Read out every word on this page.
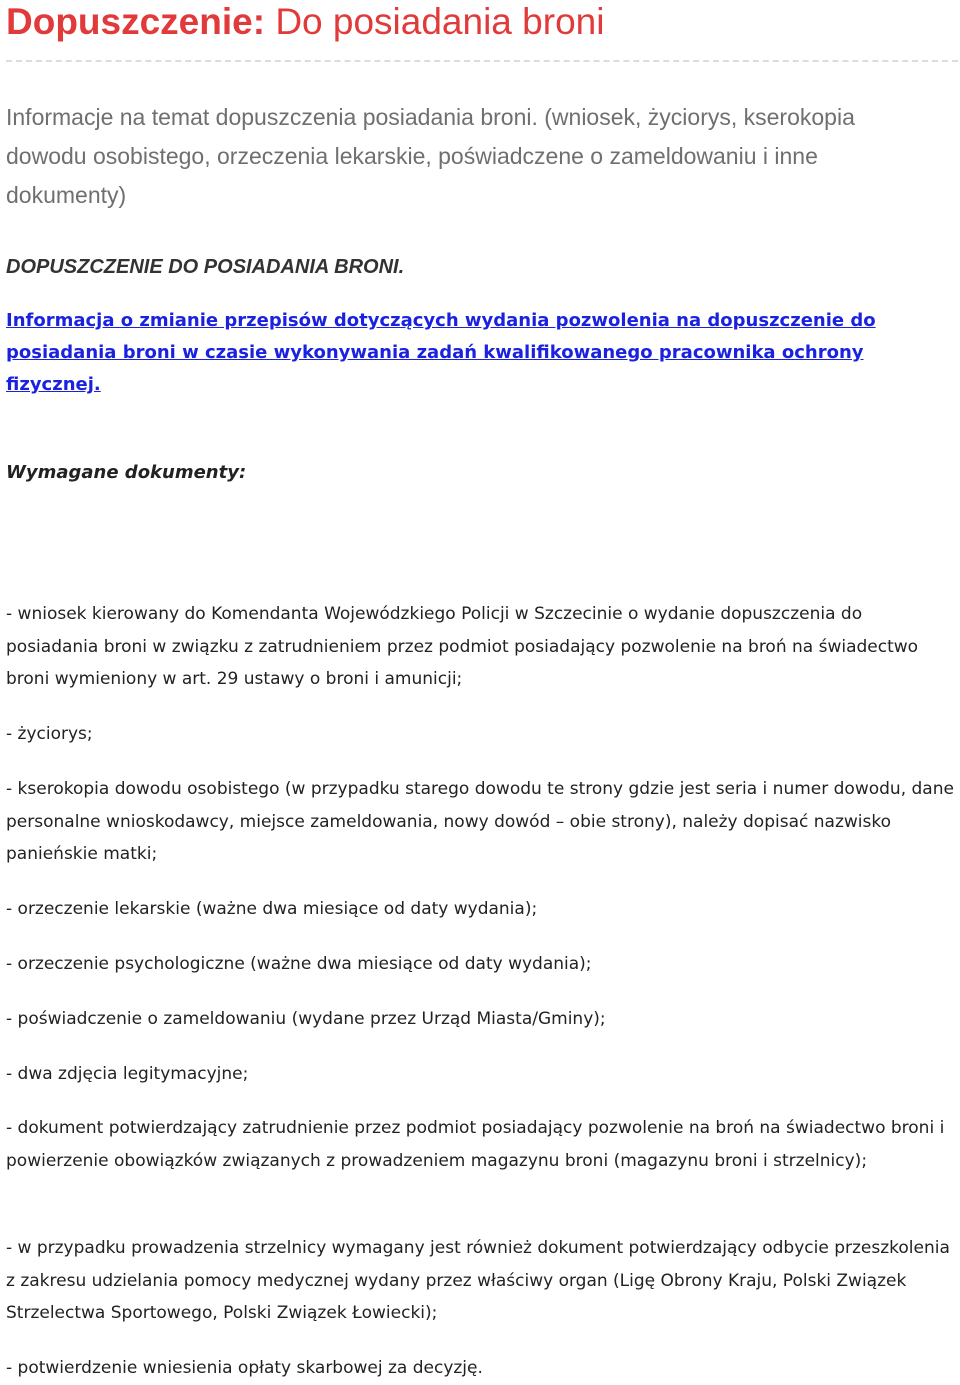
Dopuszczenie: Do posiadania broni

Informacje na temat dopuszczenia posiadania broni. (wniosek, życiorys, kserokopia dowodu osobistego, orzeczenia lekarskie, poświadczene o zameldowaniu i inne dokumenty)

DOPUSZCZENIE DO POSIADANIA BRONI.

Informacja o zmianie przepisów dotyczących wydania pozwolenia na dopuszczenie do posiadania broni w czasie wykonywania zadań kwalifikowanego pracownika ochrony fizycznej.

Wymagane dokumenty:

- wniosek kierowany do Komendanta Wojewódzkiego Policji w Szczecinie o wydanie dopuszczenia do posiadania broni w związku z zatrudnieniem przez podmiot posiadający pozwolenie na broń na świadectwo broni wymieniony w art. 29 ustawy o broni i amunicji;

- życiorys;

- kserokopia dowodu osobistego (w przypadku starego dowodu te strony gdzie jest seria i numer dowodu, dane personalne wnioskodawcy, miejsce zameldowania, nowy dowód – obie strony), należy dopisać nazwisko panieńskie matki;

- orzeczenie lekarskie (ważne dwa miesiące od daty wydania);

- orzeczenie psychologiczne (ważne dwa miesiące od daty wydania);

- poświadczenie o zameldowaniu (wydane przez Urząd Miasta/Gminy);

- dwa zdjęcia legitymacyjne;

- dokument potwierdzający zatrudnienie przez podmiot posiadający pozwolenie na broń na świadectwo broni i powierzenie obowiązków związanych z prowadzeniem magazynu broni (magazynu broni i strzelnicy);

- w przypadku prowadzenia strzelnicy wymagany jest również dokument potwierdzający odbycie przeszkolenia z zakresu udzielania pomocy medycznej wydany przez właściwy organ (Ligę Obrony Kraju, Polski Związek Strzelectwa Sportowego, Polski Związek Łowiecki);

- potwierdzenie wniesienia opłaty skarbowej za decyzję.
